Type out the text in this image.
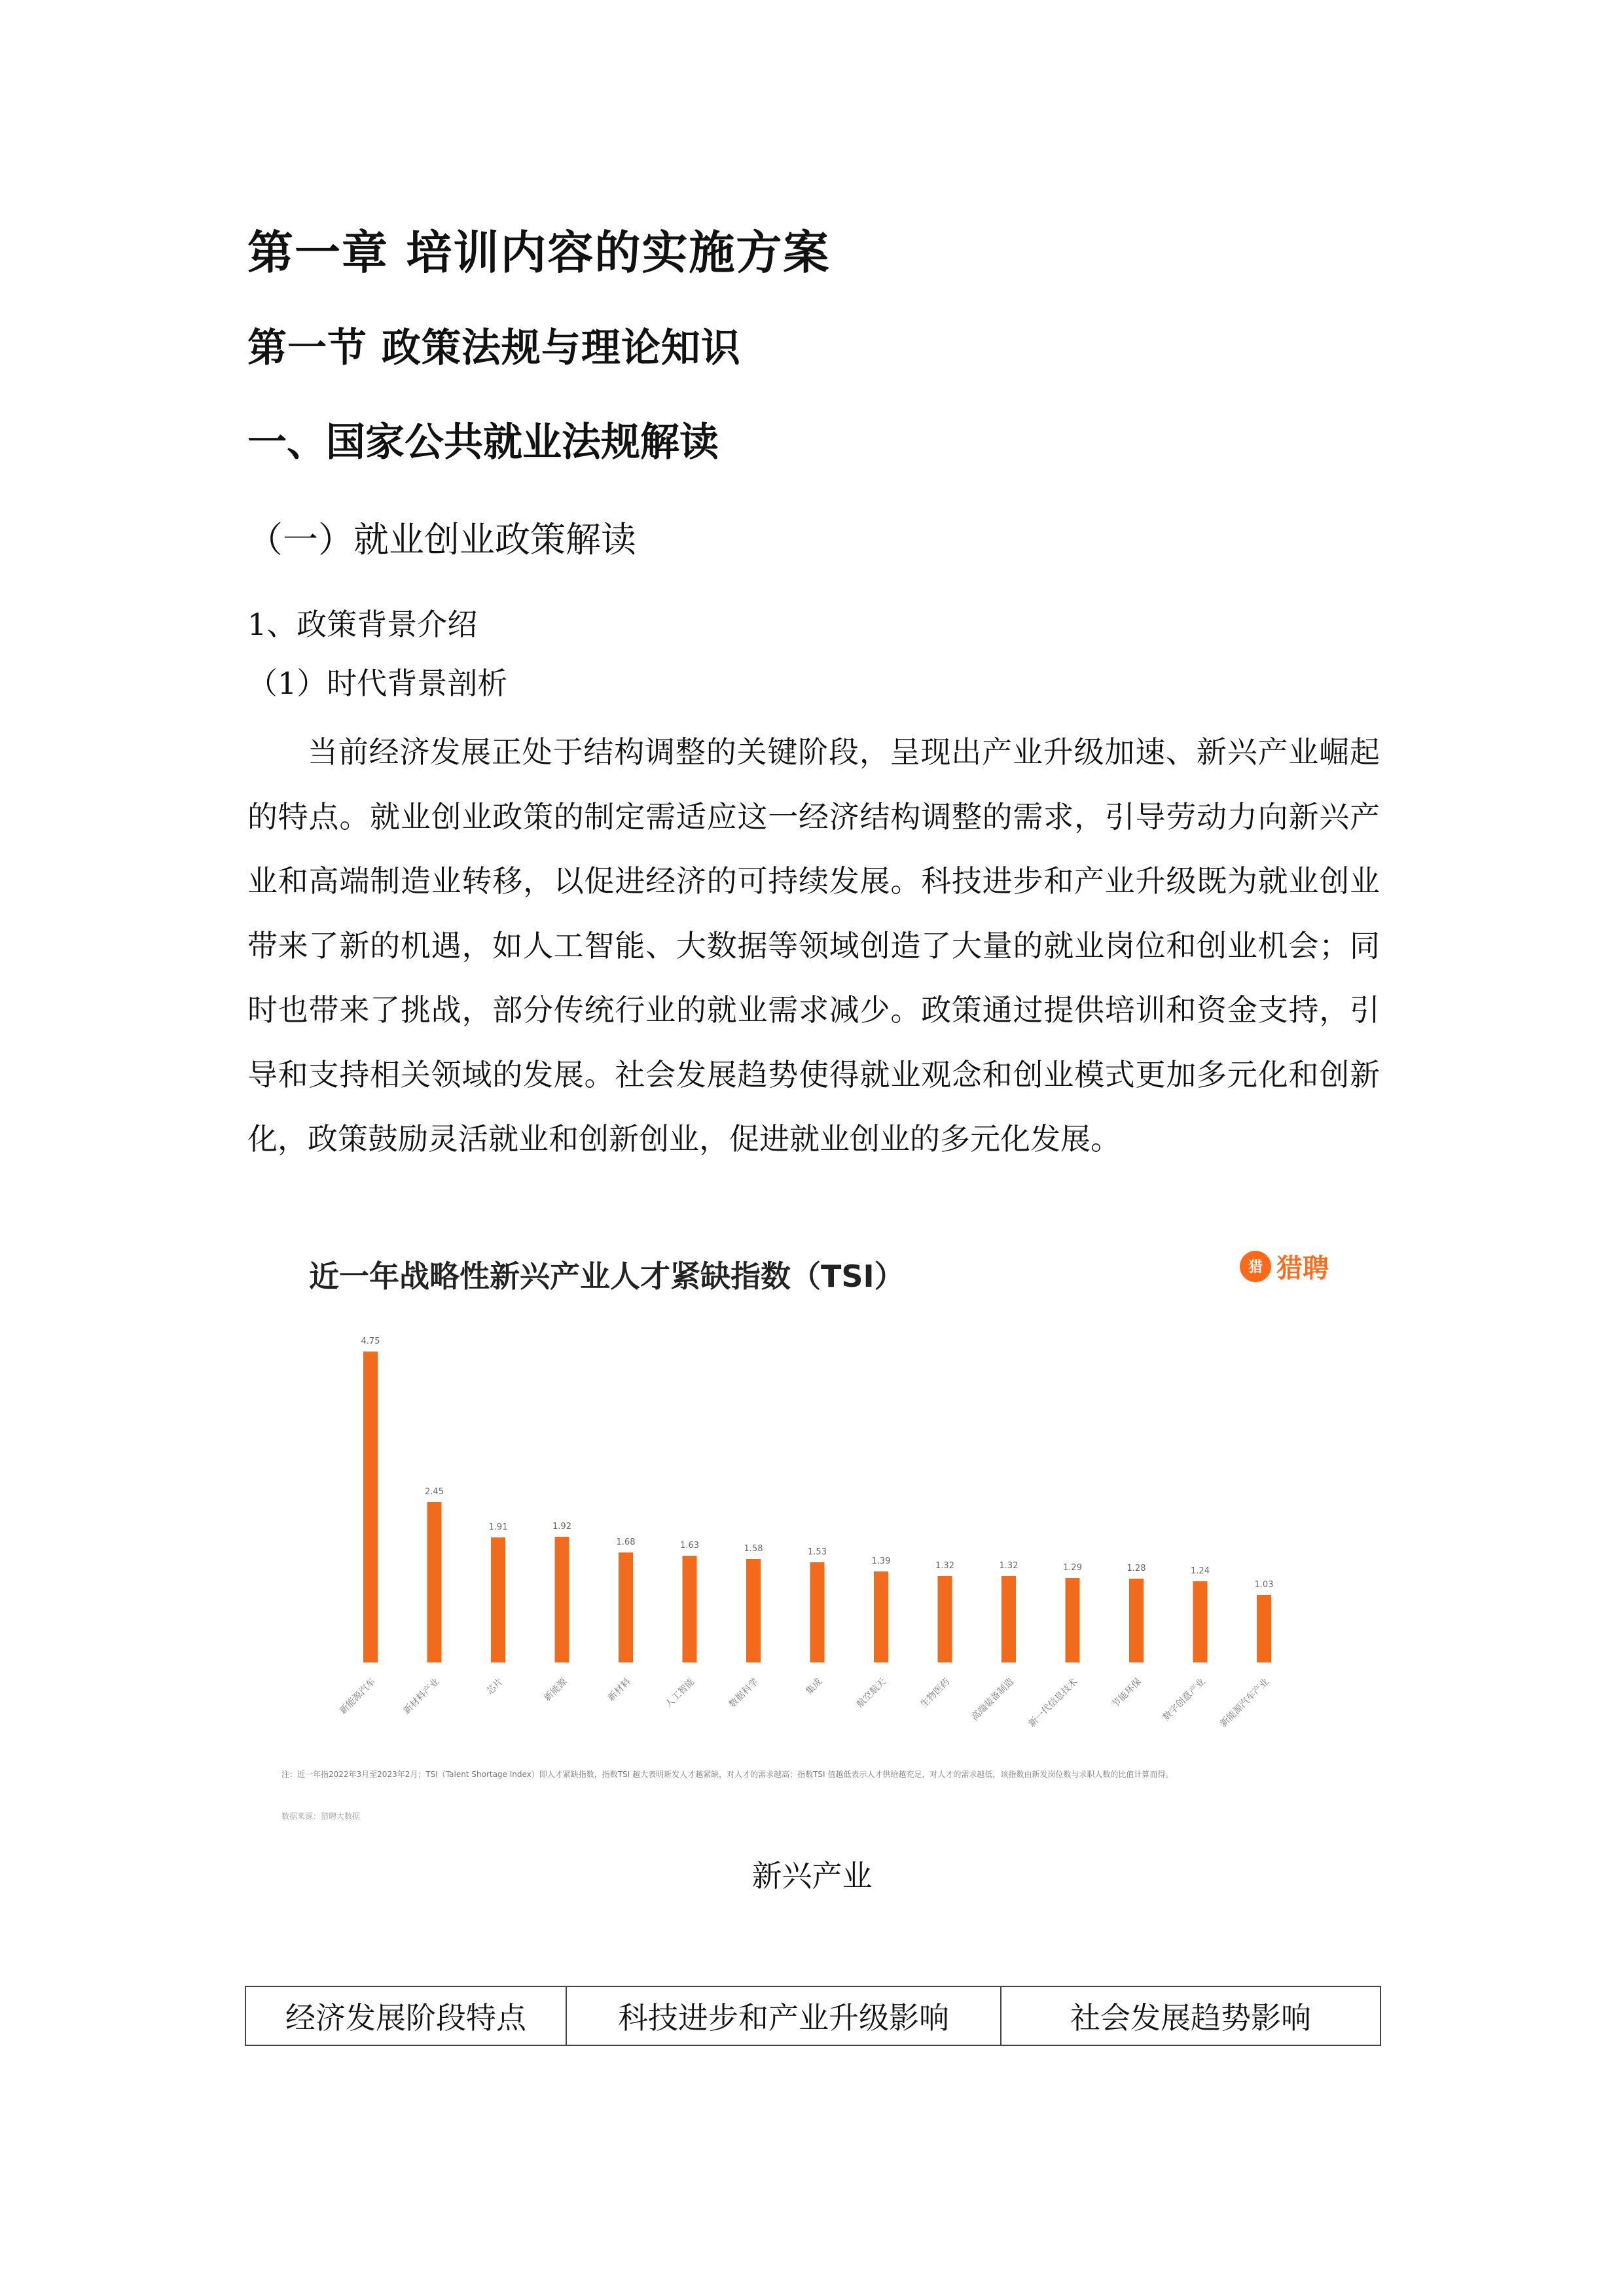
第一章 培训内容的实施方案
第一节 政策法规与理论知识
一、国家公共就业法规解读
（一）就业创业政策解读
1、政策背景介绍
（1）时代背景剖析

当前经济发展正处于结构调整的关键阶段，呈现出产业升级加速、新兴产业崛起的特点。就业创业政策的制定需适应这一经济结构调整的需求，引导劳动力向新兴产业和高端制造业转移，以促进经济的可持续发展。科技进步和产业升级既为就业创业带来了新的机遇，如人工智能、大数据等领域创造了大量的就业岗位和创业机会；同时也带来了挑战，部分传统行业的就业需求减少。政策通过提供培训和资金支持，引导和支持相关领域的发展。社会发展趋势使得就业观念和创业模式更加多元化和创新化，政策鼓励灵活就业和创新创业，促进就业创业的多元化发展。

近一年战略性新兴产业人才紧缺指数（TSI）	猎 猎聘
4.75
新能源汽车
2.45
新材料产业
1.91
芯片
1.92
新能源
1.68
新材料
1.63
人工智能
1.58
数据科学
1.53
集成
1.39
航空航天
1.32
生物医药
1.32
高端装备制造
1.29
新一代信息技术
1.28
节能环保
1.24
数字创意产业
1.03
新能源汽车产业
注：近一年指2022年3月至2023年2月；TSI（Talent Shortage Index）即人才紧缺指数，指数TSI 越大表明新发人才越紧缺，对人才的需求越高；指数TSI 值越低表示人才供给越充足，对人才的需求越低，该指数由新发岗位数与求职人数的比值计算而得。
数据来源：猎聘大数据
新兴产业
经济发展阶段特点	科技进步和产业升级影响	社会发展趋势影响
